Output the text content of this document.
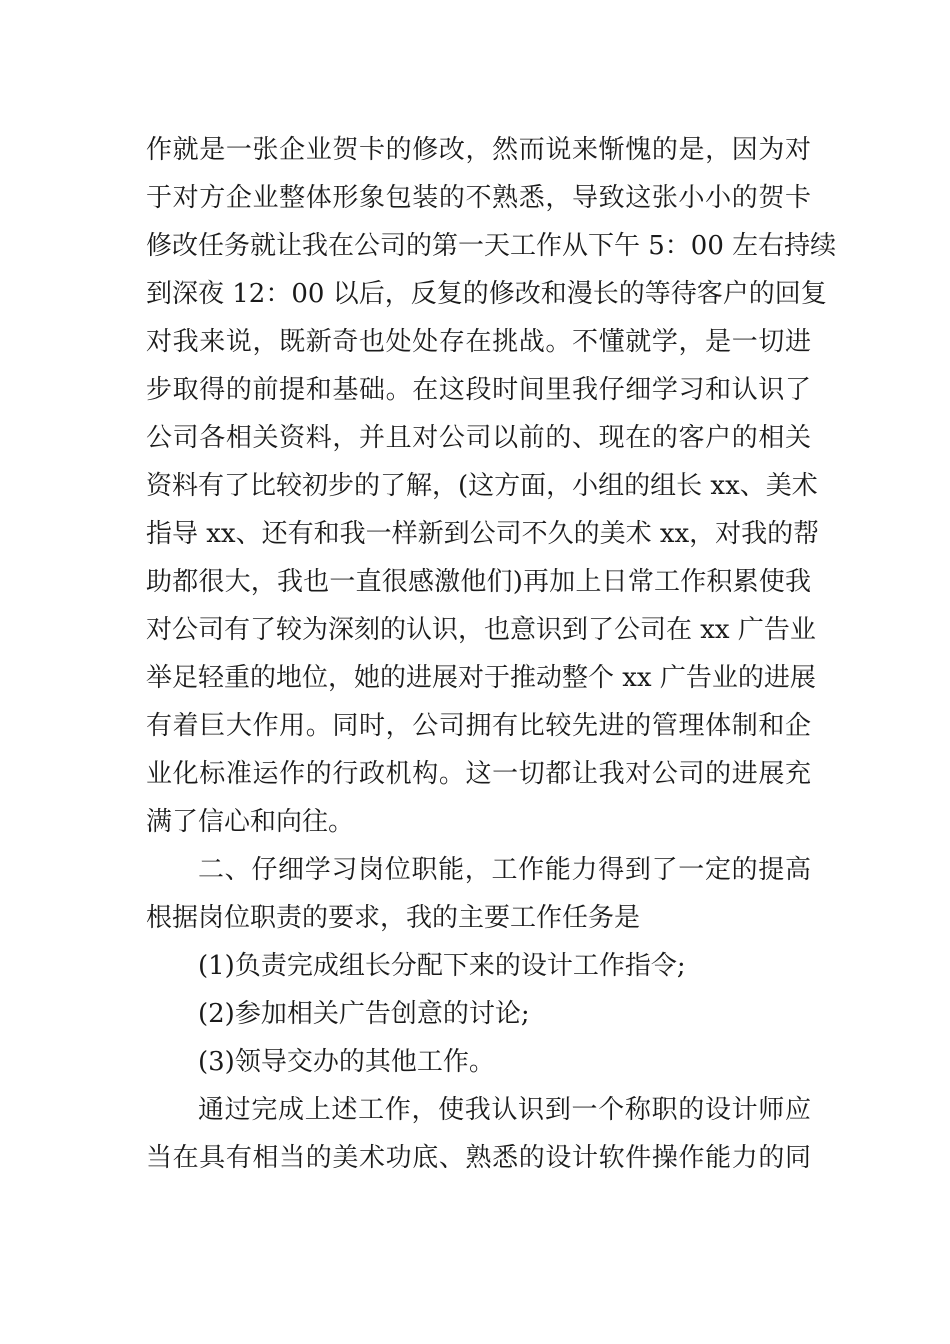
作就是一张企业贺卡的修改，然而说来惭愧的是，因为对
于对方企业整体形象包装的不熟悉，导致这张小小的贺卡
修改任务就让我在公司的第一天工作从下午 5：00 左右持续
到深夜 12：00 以后，反复的修改和漫长的等待客户的回复
对我来说，既新奇也处处存在挑战。不懂就学，是一切进
步取得的前提和基础。在这段时间里我仔细学习和认识了
公司各相关资料，并且对公司以前的、现在的客户的相关
资料有了比较初步的了解，(这方面，小组的组长 xx、美术
指导 xx、还有和我一样新到公司不久的美术 xx，对我的帮
助都很大，我也一直很感激他们)再加上日常工作积累使我
对公司有了较为深刻的认识，也意识到了公司在 xx 广告业
举足轻重的地位，她的进展对于推动整个 xx 广告业的进展
有着巨大作用。同时，公司拥有比较先进的管理体制和企
业化标准运作的行政机构。这一切都让我对公司的进展充
满了信心和向往。
二、仔细学习岗位职能，工作能力得到了一定的提高
根据岗位职责的要求，我的主要工作任务是
(1)负责完成组长分配下来的设计工作指令;
(2)参加相关广告创意的讨论;
(3)领导交办的其他工作。
通过完成上述工作，使我认识到一个称职的设计师应
当在具有相当的美术功底、熟悉的设计软件操作能力的同
